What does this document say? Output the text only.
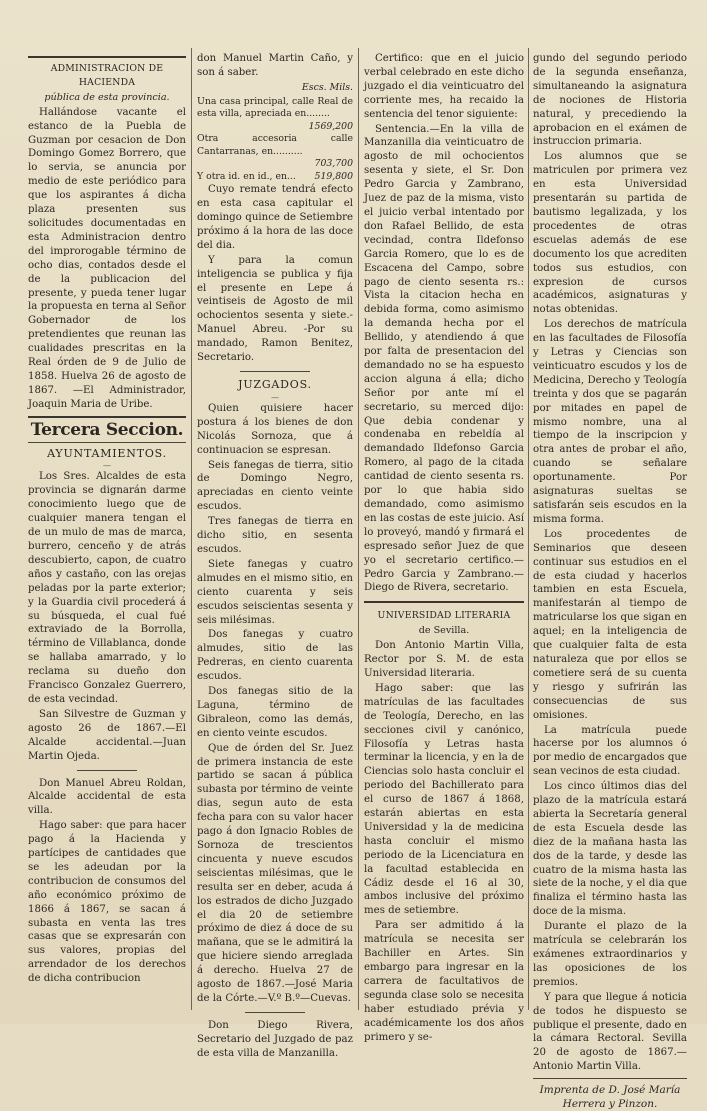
ADMINISTRACION DE HACIENDA

pública de esta provincia.

Hallándose vacante el estanco de la Puebla de Guzman por cesacion de Don Domingo Gomez Borrero, que lo servia, se anuncia por medio de este periódico para que los aspirantes á dicha plaza presenten sus solicitudes documentadas en esta Administracion dentro del improrogable término de ocho dias, contados desde el de la publicacion del presente, y pueda tener lugar la propuesta en terna al Señor Gobernador de los pretendientes que reunan las cualidades prescritas en la Real órden de 9 de Julio de 1858. Huelva 26 de agosto de 1867. —El Administrador, Joaquin Maria de Uribe.

Tercera Seccion.
AYUNTAMIENTOS.
—

Los Sres. Alcaldes de esta provincia se dignarán darme conocimiento luego que de cualquier manera tengan el de un mulo de mas de marca, burrero, cenceño y de atrás descubierto, capon, de cuatro años y castaño, con las orejas peladas por la parte exterior; y la Guardia civil procederá á su búsqueda, el cual fué extraviado de la Borrolla, término de Villablanca, donde se hallaba amarrado, y lo reclama su dueño don Francisco Gonzalez Guerrero, de esta vecindad.

San Silvestre de Guzman y agosto 26 de 1867.—El Alcalde accidental.—Juan Martin Ojeda.

Don Manuel Abreu Roldan, Alcalde accidental de esta villa.

Hago saber: que para hacer pago á la Hacienda y partícipes de cantidades que se les adeudan por la contribucion de consumos del año económico próximo de 1866 á 1867, se sacan á subasta en venta las tres casas que se expresarán con sus valores, propias del arrendador de los derechos de dicha contribucion

don Manuel Martin Caño, y son á saber.

Escs. Mils.

Una casa principal, calle Real de esta villa, apreciada en........
1569,200
Otra accesoria calle Cantarranas, en..........
703,700
Y otra id. en id., en... 519,800

Cuyo remate tendrá efecto en esta casa capitular el domingo quince de Setiembre próximo á la hora de las doce del dia.

Y para la comun inteligencia se publica y fija el presente en Lepe á veintiseis de Agosto de mil ochocientos sesenta y siete.-Manuel Abreu. -Por su mandado, Ramon Benitez, Secretario.

JUZGADOS.
—

Quien quisiere hacer postura á los bienes de don Nicolás Sornoza, que á continuacion se espresan.

Seis fanegas de tierra, sitio de Domingo Negro, apreciadas en ciento veinte escudos.

Tres fanegas de tierra en dicho sitio, en sesenta escudos.

Siete fanegas y cuatro almudes en el mismo sitio, en ciento cuarenta y seis escudos seiscientas sesenta y seis milésimas.

Dos fanegas y cuatro almudes, sitio de las Pedreras, en ciento cuarenta escudos.

Dos fanegas sitio de la Laguna, término de Gibraleon, como las demás, en ciento veinte escudos.

Que de órden del Sr. Juez de primera instancia de este partido se sacan á pública subasta por término de veinte dias, segun auto de esta fecha para con su valor hacer pago á don Ignacio Robles de Sornoza de trescientos cincuenta y nueve escudos seiscientas milésimas, que le resulta ser en deber, acuda á los estrados de dicho Juzgado el dia 20 de setiembre próximo de diez á doce de su mañana, que se le admitirá la que hiciere siendo arreglada á derecho. Huelva 27 de agosto de 1867.—José Maria de la Córte.—V.º B.º—Cuevas.

Don Diego Rivera, Secretario del Juzgado de paz de esta villa de Manzanilla.

Certifico: que en el juicio verbal celebrado en este dicho juzgado el dia veinticuatro del corriente mes, ha recaido la sentencia del tenor siguiente:

Sentencia.—En la villa de Manzanilla dia veinticuatro de agosto de mil ochocientos sesenta y siete, el Sr. Don Pedro Garcia y Zambrano, Juez de paz de la misma, visto el juicio verbal intentado por don Rafael Bellido, de esta vecindad, contra Ildefonso Garcia Romero, que lo es de Escacena del Campo, sobre pago de ciento sesenta rs.: Vista la citacion hecha en debida forma, como asimismo la demanda hecha por el Bellido, y atendiendo á que por falta de presentacion del demandado no se ha espuesto accion alguna á ella; dicho Señor por ante mí el secretario, su merced dijo: Que debia condenar y condenaba en rebeldía al demandado Ildefonso Garcia Romero, al pago de la citada cantidad de ciento sesenta rs. por lo que habia sido demandado, como asimismo en las costas de este juicio. Así lo proveyó, mandó y firmará el espresado señor Juez de que yo el secretario certifico.—Pedro Garcia y Zambrano.—Diego de Rivera, secretario.

UNIVERSIDAD LITERARIA

de Sevilla.

Don Antonio Martin Villa, Rector por S. M. de esta Universidad literaria.

Hago saber: que las matrículas de las facultades de Teología, Derecho, en las secciones civil y canónico, Filosofía y Letras hasta terminar la licencia, y en la de Ciencias solo hasta concluir el periodo del Bachillerato para el curso de 1867 á 1868, estarán abiertas en esta Universidad y la de medicina hasta concluir el mismo periodo de la Licenciatura en la facultad establecida en Cádiz desde el 16 al 30, ambos inclusive del próximo mes de setiembre.

Para ser admitido á la matrícula se necesita ser Bachiller en Artes. Sin embargo para ingresar en la carrera de facultativos de segunda clase solo se necesita haber estudiado prévia y académicamente los dos años primero y se-

gundo del segundo periodo de la segunda enseñanza, simultaneando la asignatura de nociones de Historia natural, y precediendo la aprobacion en el exámen de instruccion primaria.

Los alumnos que se matriculen por primera vez en esta Universidad presentarán su partida de bautismo legalizada, y los procedentes de otras escuelas además de ese documento los que acrediten todos sus estudios, con expresion de cursos académicos, asignaturas y notas obtenidas.

Los derechos de matrícula en las facultades de Filosofía y Letras y Ciencias son veinticuatro escudos y los de Medicina, Derecho y Teología treinta y dos que se pagarán por mitades en papel de mismo nombre, una al tiempo de la inscripcion y otra antes de probar el año, cuando se señalare oportunamente. Por asignaturas sueltas se satisfarán seis escudos en la misma forma.

Los procedentes de Seminarios que deseen continuar sus estudios en el de esta ciudad y hacerlos tambien en esta Escuela, manifestarán al tiempo de matricularse los que sigan en aquel; en la inteligencia de que cualquier falta de esta naturaleza que por ellos se cometiere será de su cuenta y riesgo y sufrirán las consecuencias de sus omisiones.

La matrícula puede hacerse por los alumnos ó por medio de encargados que sean vecinos de esta ciudad.

Los cinco últimos dias del plazo de la matrícula estará abierta la Secretaría general de esta Escuela desde las diez de la mañana hasta las dos de la tarde, y desde las cuatro de la misma hasta las siete de la noche, y el dia que finaliza el término hasta las doce de la misma.

Durante el plazo de la matrícula se celebrarán los exámenes extraordinarios y las oposiciones de los premios.

Y para que llegue á noticia de todos he dispuesto se publique el presente, dado en la cámara Rectoral. Sevilla 20 de agosto de 1867.—Antonio Martin Villa.

Imprenta de D. José María
Herrera y Pinzon.
